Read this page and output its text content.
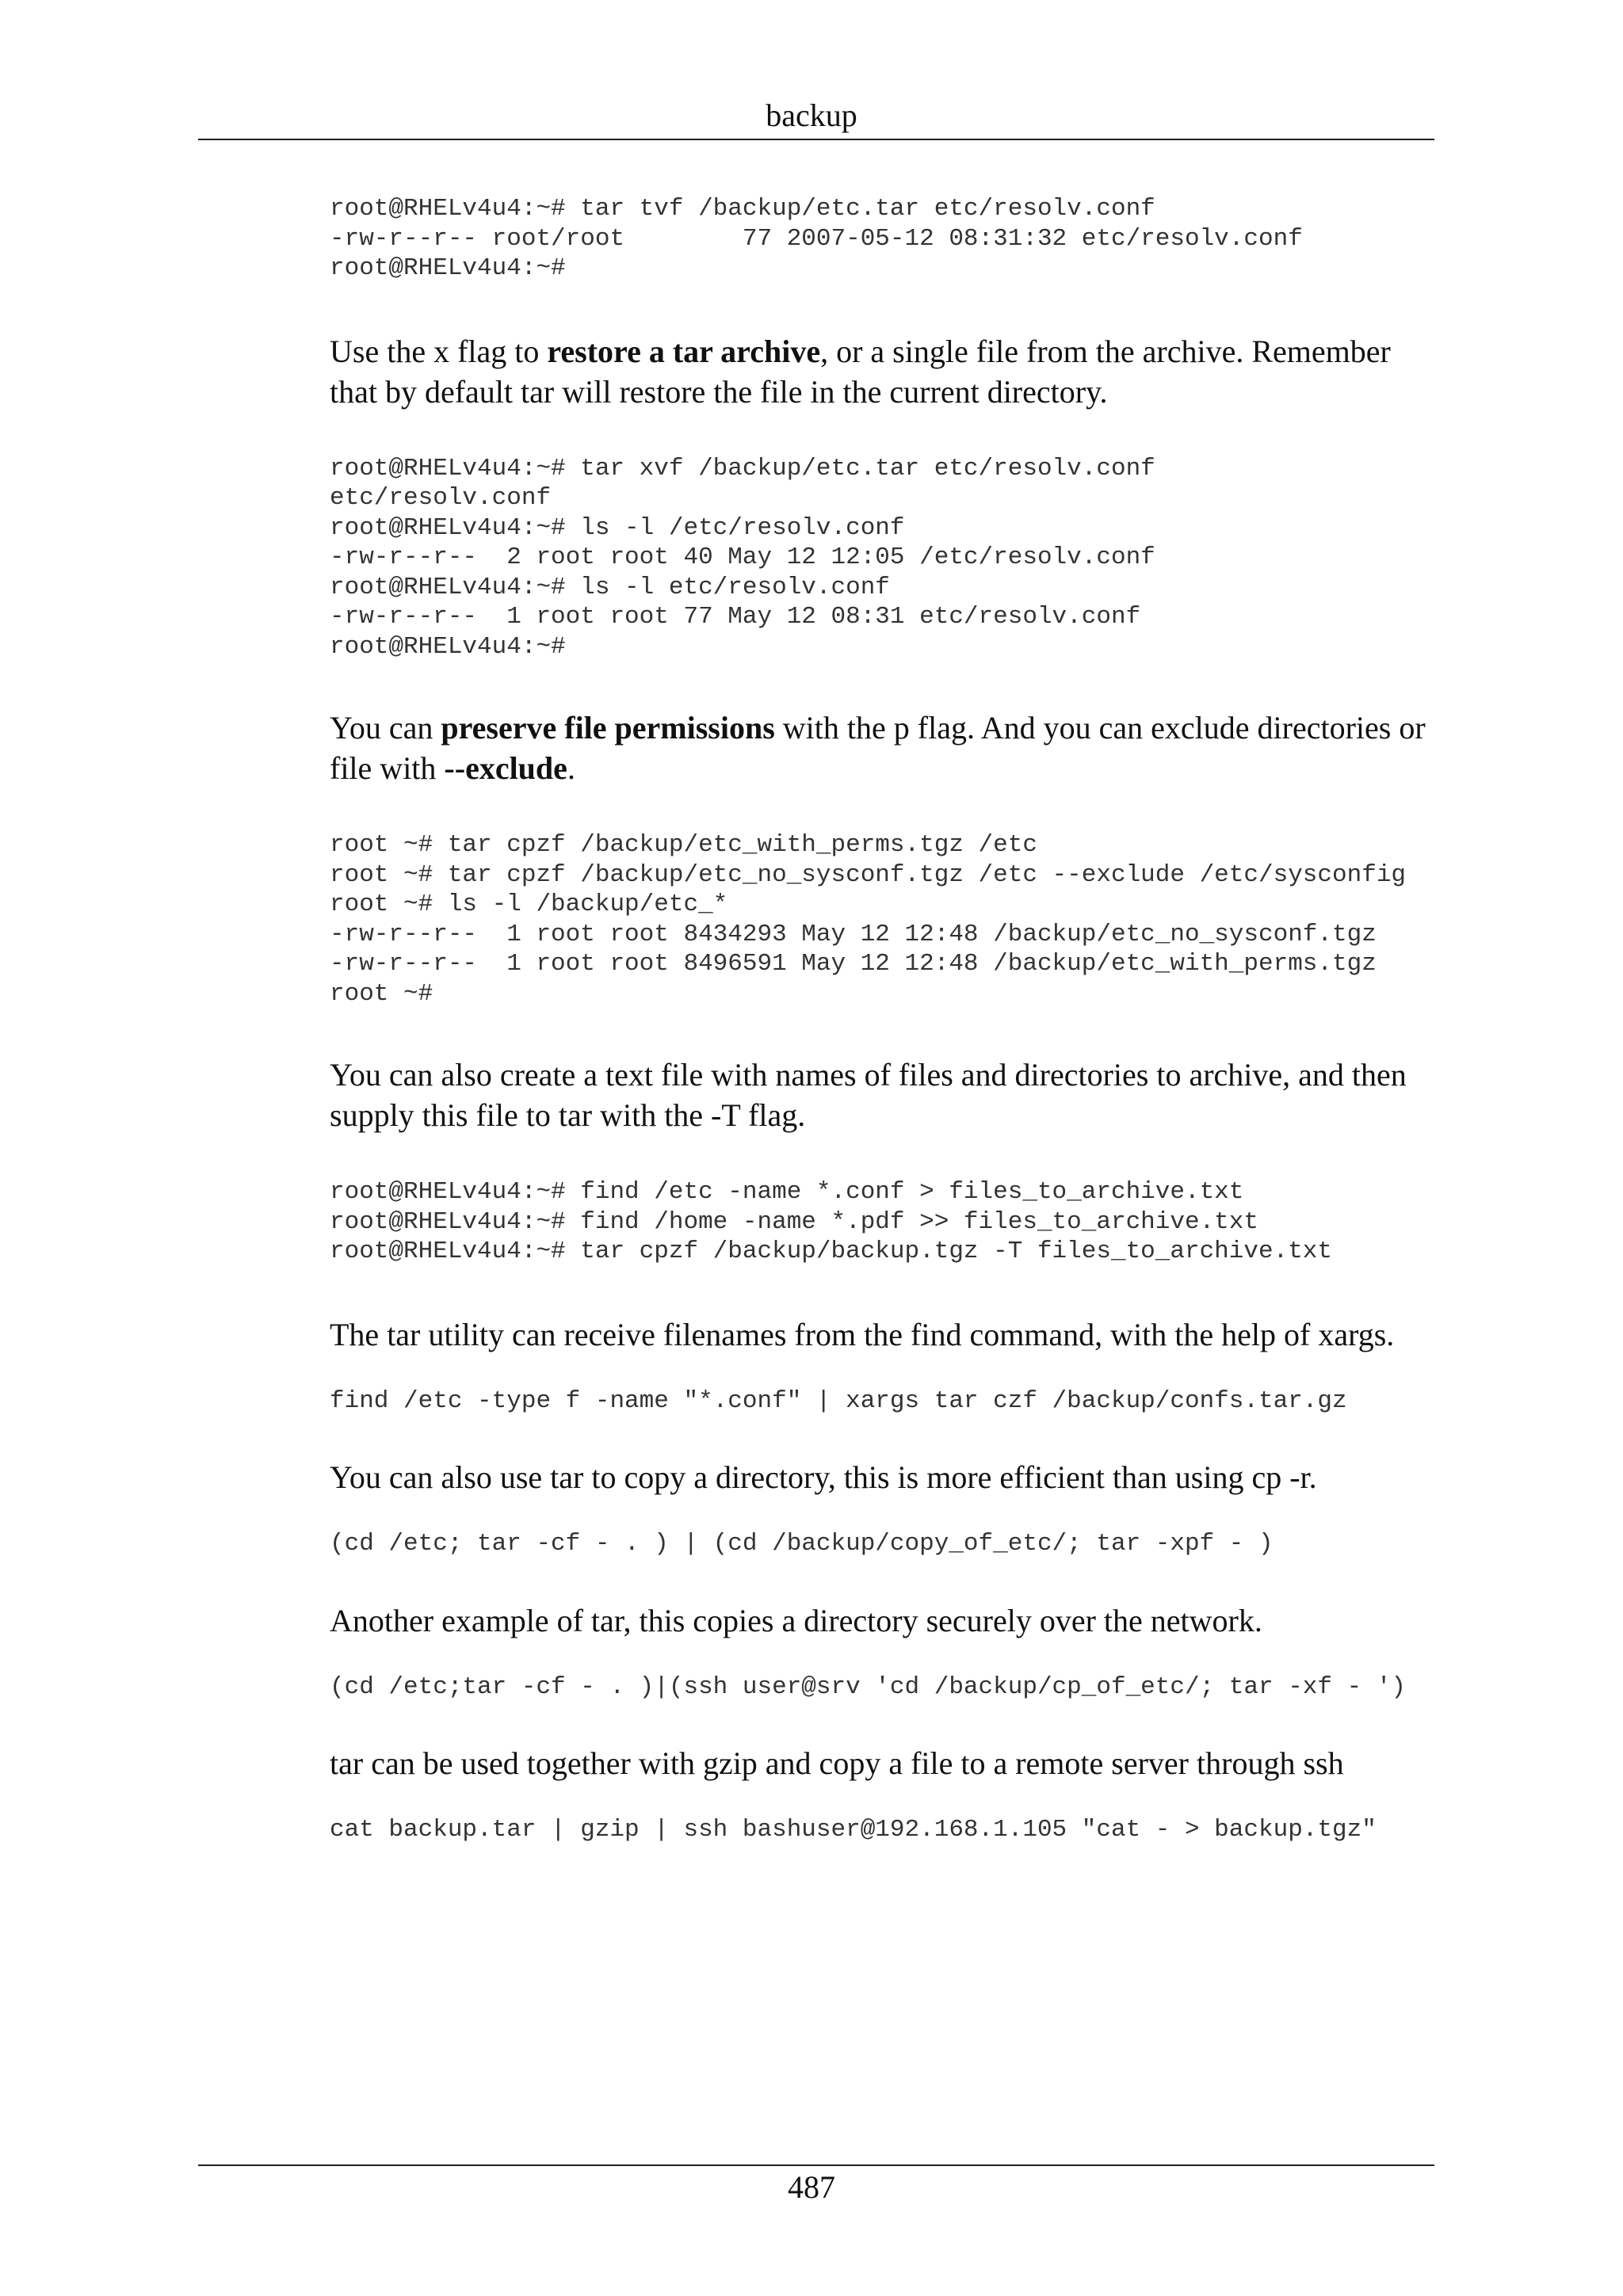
backup
root@RHELv4u4:~# tar tvf /backup/etc.tar etc/resolv.conf
-rw-r--r-- root/root        77 2007-05-12 08:31:32 etc/resolv.conf
root@RHELv4u4:~#

Use the x flag to restore a tar archive, or a single file from the archive. Remember that by default tar will restore the file in the current directory.

root@RHELv4u4:~# tar xvf /backup/etc.tar etc/resolv.conf
etc/resolv.conf
root@RHELv4u4:~# ls -l /etc/resolv.conf
-rw-r--r--  2 root root 40 May 12 12:05 /etc/resolv.conf
root@RHELv4u4:~# ls -l etc/resolv.conf
-rw-r--r--  1 root root 77 May 12 08:31 etc/resolv.conf
root@RHELv4u4:~#

You can preserve file permissions with the p flag. And you can exclude directories or file with --exclude.

root ~# tar cpzf /backup/etc_with_perms.tgz /etc
root ~# tar cpzf /backup/etc_no_sysconf.tgz /etc --exclude /etc/sysconfig
root ~# ls -l /backup/etc_*
-rw-r--r--  1 root root 8434293 May 12 12:48 /backup/etc_no_sysconf.tgz
-rw-r--r--  1 root root 8496591 May 12 12:48 /backup/etc_with_perms.tgz
root ~#

You can also create a text file with names of files and directories to archive, and then supply this file to tar with the -T flag.

root@RHELv4u4:~# find /etc -name *.conf > files_to_archive.txt
root@RHELv4u4:~# find /home -name *.pdf >> files_to_archive.txt
root@RHELv4u4:~# tar cpzf /backup/backup.tgz -T files_to_archive.txt

The tar utility can receive filenames from the find command, with the help of xargs.

find /etc -type f -name "*.conf" | xargs tar czf /backup/confs.tar.gz

You can also use tar to copy a directory, this is more efficient than using cp -r.

(cd /etc; tar -cf - . ) | (cd /backup/copy_of_etc/; tar -xpf - )

Another example of tar, this copies a directory securely over the network.

(cd /etc;tar -cf - . )|(ssh user@srv 'cd /backup/cp_of_etc/; tar -xf - ')

tar can be used together with gzip and copy a file to a remote server through ssh

cat backup.tar | gzip | ssh bashuser@192.168.1.105 "cat - > backup.tgz"
487
